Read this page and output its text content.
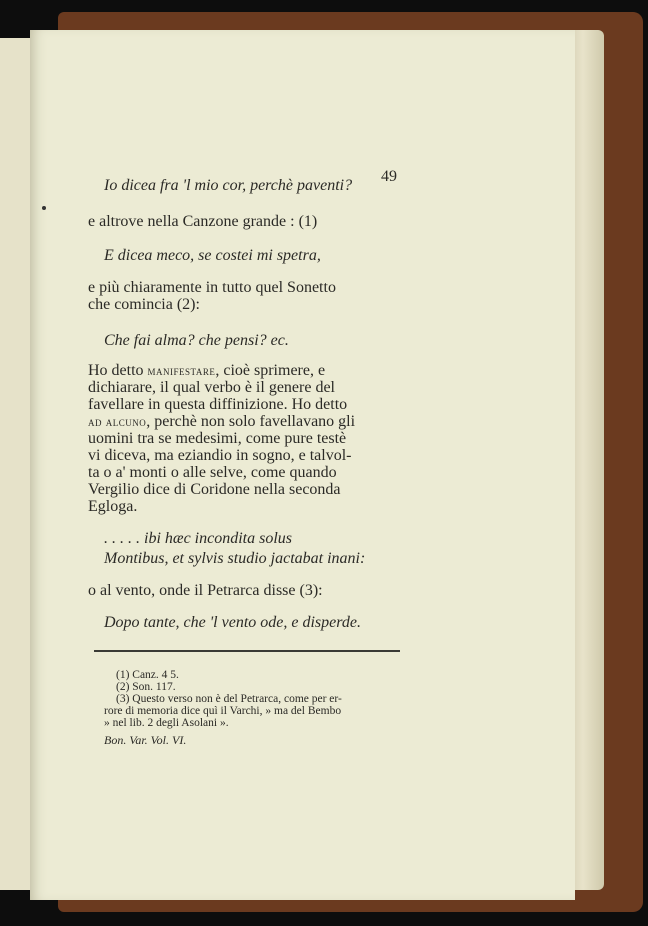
49
Io dicea fra 'l mio cor, perchè paventi?
e altrove nella Canzone grande : (1)
E dicea meco, se costei mi spetra,
e più chiaramente in tutto quel Sonetto
che comincia (2):
Che fai alma? che pensi? ec.
Ho detto manifestare, cioè sprimere, e
dichiarare, il qual verbo è il genere del
favellare in questa diffinizione. Ho detto
ad alcuno, perchè non solo favellavano gli
uomini tra se medesimi, come pure testè
vi diceva, ma eziandio in sogno, e talvol-
ta o a' monti o alle selve, come quando
Vergilio dice di Coridone nella seconda
Egloga.
. . . . . ibi hæc incondita solus
Montibus, et sylvis studio jactabat inani:
o al vento, onde il Petrarca disse (3):
Dopo tante, che 'l vento ode, e disperde.
(1) Canz. 4 5.
(2) Son. 117.
(3) Questo verso non è del Petrarca, come per er-
rore di memoria dice quì il Varchi, » ma del Bembo
» nel lib. 2 degli Asolani ».
Bon. Var. Vol. VI.
